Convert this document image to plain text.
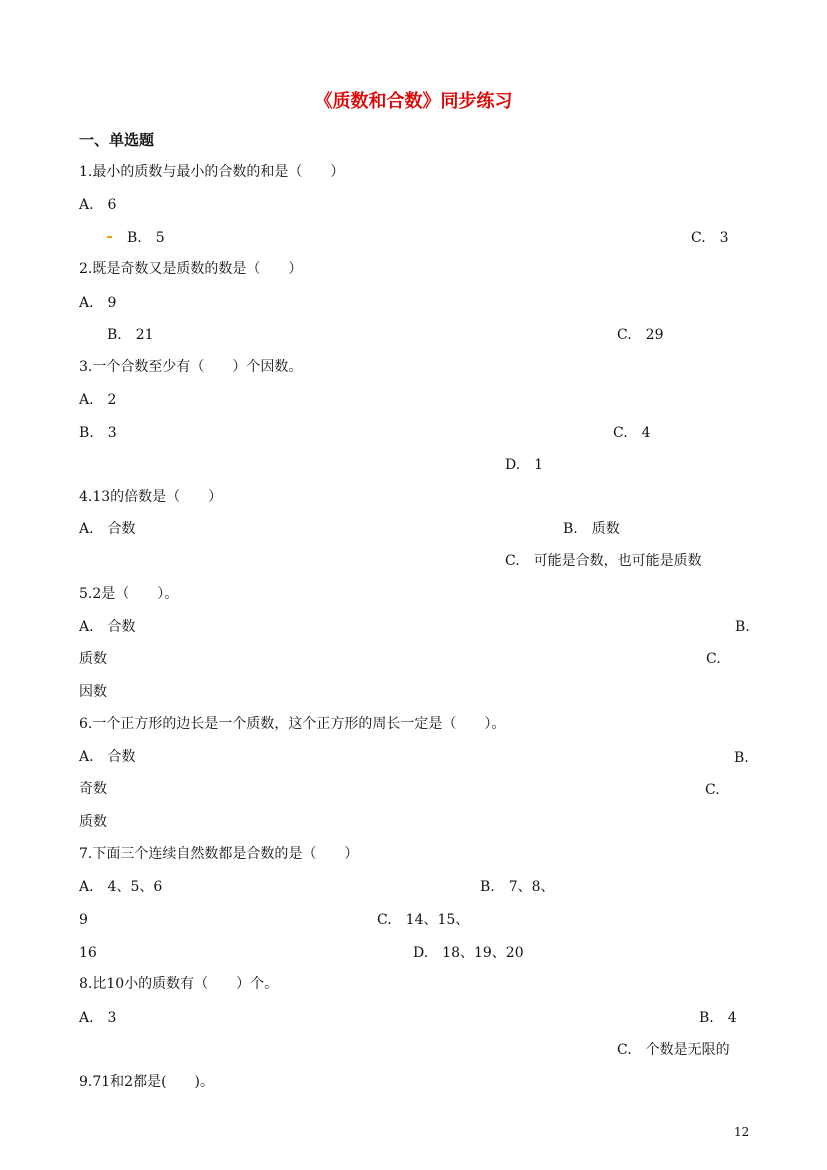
《质数和合数》同步练习
一、单选题
1.最小的质数与最小的合数的和是（　　）
A.　6
B.　5	C.　3
2.既是奇数又是质数的数是（　　）
A.　9
B.　21	C.　29
3.一个合数至少有（　　）个因数。
A.　2
B.　3	C.　4
D.　1
4.13的倍数是（　　）
A.　合数	B.　质数
C.　可能是合数，也可能是质数
5.2是（　　）。
A.　合数	B.
质数	C.
因数
6.一个正方形的边长是一个质数，这个正方形的周长一定是（　　）。
A.　合数	B.
奇数	C.
质数
7.下面三个连续自然数都是合数的是（　　）
A.　4、5、6	B.　7、8、
9	C.　14、15、
16	D.　18、19、20
8.比10小的质数有（　　）个。
A.　3	B.　4
C.　个数是无限的
9.71和2都是(　　)。
12
